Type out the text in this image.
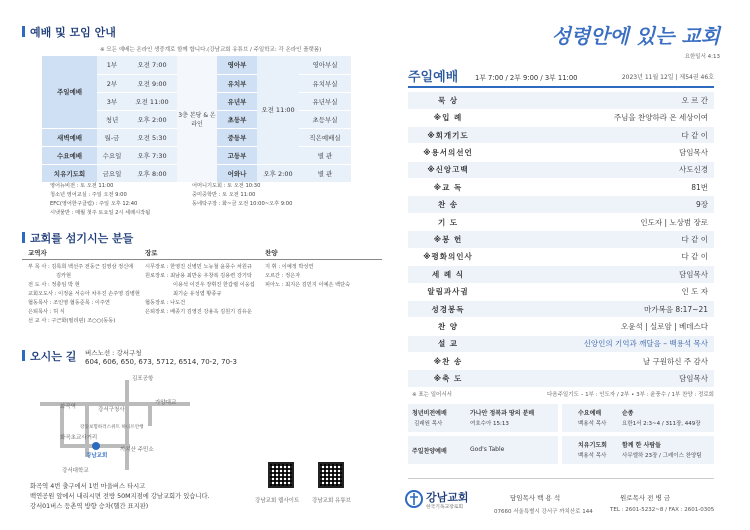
예배 및 모임 안내
※ 모든 예배는 온라인 생중계로 함께 합니다.(강남교회 유튜브 / 주일학교: 각 온라인 플랫폼)
주일예배	1부	오전 7:00	3층 본당 & 온라인	영아부	오전 11:00	영아부실
	2부	오전 9:00		유치부		유치부실
	3부	오전 11:00		유년부		유년부실
	청년	오후 2:00		초등부		초등부실
새벽예배	월-금	오전 5:30		중등부		직은예배실
수요예배	수요일	오후 7:30		고등부		별 관
치유기도회	금요일	오후 8:00		어와나	오후 2:00	별 관
영어뉴비전 : 토 오전 11:00
청소년 영어교실 : 주일 오전 9:00
EFC(영어한구클럽) : 주일 오후 12:40
시냇물반 : 매월 첫주 토요일 2시 세례시작됨
어머니기도회 : 토 오전 10:30
중미중학반 : 토 오전 11:00
동네탁구장 : 화~금 오전 10:00~오후 9:00
교회를 섬기시는 분들
교역자	장로	찬양
부 목 사 : 김록희 백선주 전동근 김영삼 정신애
김카현
전 도 사 : 정충임 박 현
교회오도사 : 이정윤 서승아 차우진 손주영 김병현
협동목사 : 조인영 협동준목 : 이주연
은퇴목사 : 허 식
선 교 사 : 구근화(필리핀) 조○○(동동)
시무장로 : 한영진 신병민 노능철 윤풍수 차원규
원로장로 : 최남용 최반웅 우창복 김용련 강기탁
이용석 이진우 장휘진 한갑렬 이웅섭
최기순 유성엽 황종규
협동장로 : 나도건
은퇴장로 : 배종기 김영진 강용옥 김원기 김유운
지 휘 : 이예정 박성연
오르간 : 정은자
피아노 : 최지은 김민지 이예은 백단숙
오시는 길 버스노선 : 강서구청
604, 606, 650, 673, 5712, 6514, 70-2, 70-3
김포공항
화곡역	강서구청사
가양대교
강동보험하러스위트 하니르안행
화곡초교사거리
강남교회
까치산 주민소
강서대학교
화곡역 4번 출구에서 1번 마을버스 타시고
백연공원 앞에서 내리시면 전방 50M지점에 강남교회가 있습니다.
강서01버스 등촌역 방향 승차(헬간 표지판)
강남교회 웹사이트 강남교회 유튜브
성령안에 있는 교회
요한일서 4:13
주일예배 1부 7:00 / 2부 9:00 / 3부 11:00	2023년 11월 12일 | 제54권 46호
묵 상	오 르 간
※입 례	주님을 찬양하라 온 세상이여
※회개기도	다 같 이
※용서의선언	담임목사
※신앙고백	사도신경
※교 독	81번
찬 송	9장
기 도	인도자 | 노상범 장로
※봉 헌	다 같 이
※평화의인사	다 같 이
세 례 식	담임목사
알림과사귐	인 도 자
성경봉독	마가복음 8:17~21
찬 양	오윤석 | 실로암 | 베데스다
설 교	신앙인의 기억과 깨달음 – 백용석 목사
※찬 송	날 구원하신 주 감사
※축 도	담임목사
※ 표는 일어서서	다음주일기도 – 1부 : 인도자 / 2부 • 3부 : 윤풍수 / 1부 찬양 : 정로회
청년비전예배
김래원 목사
가나안 정복과 땅의 분배
여호수아 15:13
수요예배
백용석 목사
순종
요한1서 2:3~4 / 311장, 449장
주일찬양예배	God's Table
치유기도회
백용석 목사
함께 한 사람들
사무엘하 23장 / 그레이스 찬양팀
강남교회
한국기독교장로회
담임목사 백 용 석	원로목사 전 병 금
07660 서울특별시 강서구 까치산로 144	TEL : 2601-5232~8 / FAX : 2601-0305
